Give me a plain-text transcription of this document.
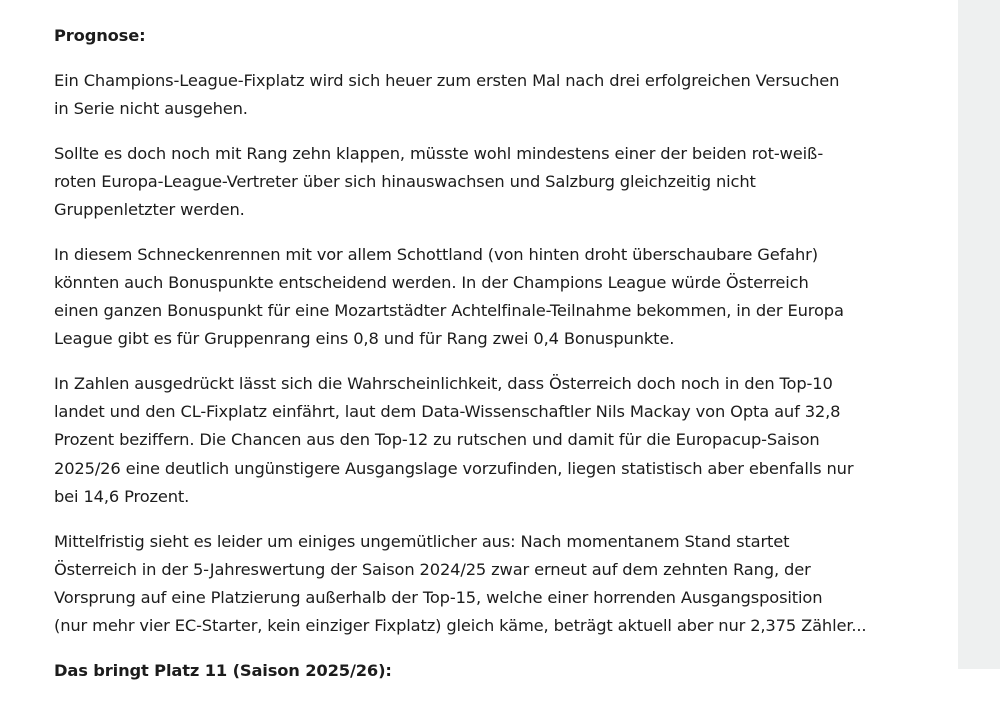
Prognose:

Ein Champions-League-Fixplatz wird sich heuer zum ersten Mal nach drei erfolgreichen Versuchen
in Serie nicht ausgehen.

Sollte es doch noch mit Rang zehn klappen, müsste wohl mindestens einer der beiden rot-weiß-
roten Europa-League-Vertreter über sich hinauswachsen und Salzburg gleichzeitig nicht
Gruppenletzter werden.

In diesem Schneckenrennen mit vor allem Schottland (von hinten droht überschaubare Gefahr)
könnten auch Bonuspunkte entscheidend werden. In der Champions League würde Österreich
einen ganzen Bonuspunkt für eine Mozartstädter Achtelfinale-Teilnahme bekommen, in der Europa
League gibt es für Gruppenrang eins 0,8 und für Rang zwei 0,4 Bonuspunkte.

In Zahlen ausgedrückt lässt sich die Wahrscheinlichkeit, dass Österreich doch noch in den Top-10
landet und den CL-Fixplatz einfährt, laut dem Data-Wissenschaftler Nils Mackay von Opta auf 32,8
Prozent beziffern. Die Chancen aus den Top-12 zu rutschen und damit für die Europacup-Saison
2025/26 eine deutlich ungünstigere Ausgangslage vorzufinden, liegen statistisch aber ebenfalls nur
bei 14,6 Prozent.

Mittelfristig sieht es leider um einiges ungemütlicher aus: Nach momentanem Stand startet
Österreich in der 5-Jahreswertung der Saison 2024/25 zwar erneut auf dem zehnten Rang, der
Vorsprung auf eine Platzierung außerhalb der Top-15, welche einer horrenden Ausgangsposition
(nur mehr vier EC-Starter, kein einziger Fixplatz) gleich käme, beträgt aktuell aber nur 2,375 Zähler...

Das bringt Platz 11 (Saison 2025/26):
